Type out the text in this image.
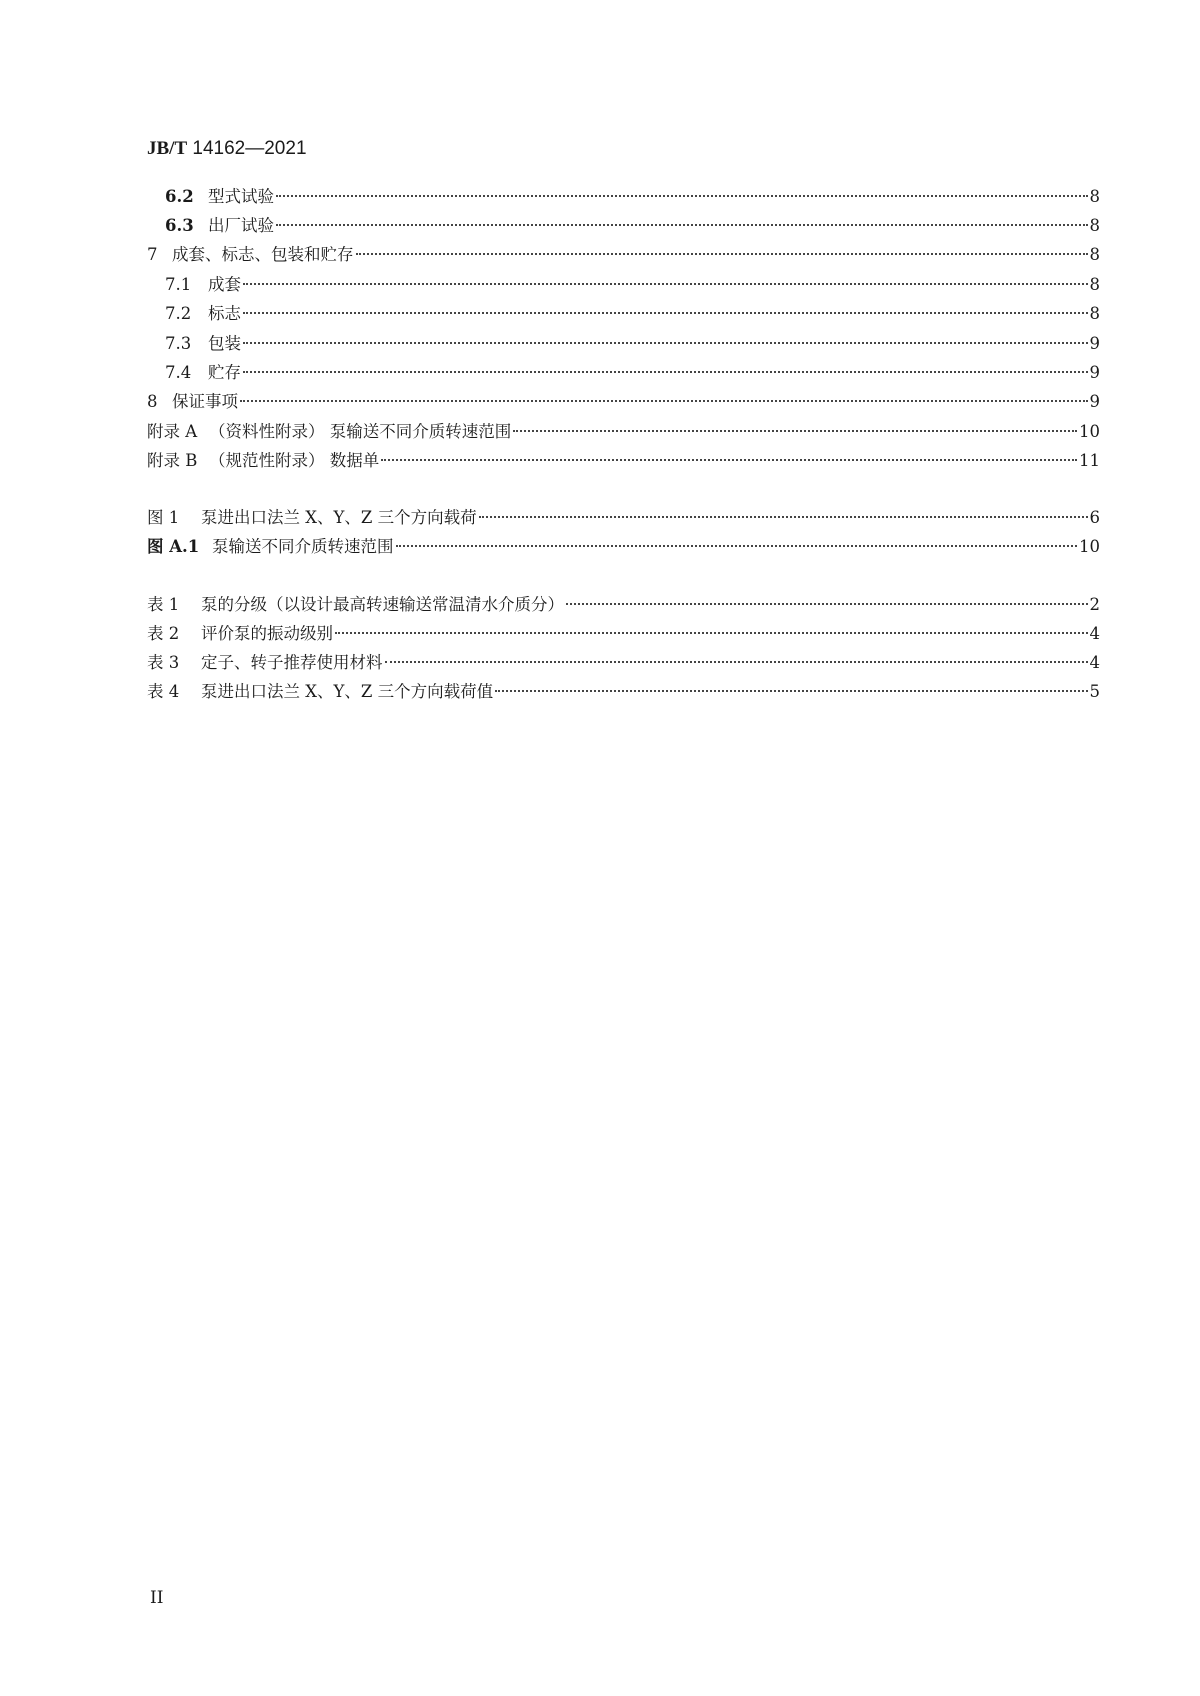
JB/T 14162—2021
6.2 型式试验	8
6.3 出厂试验	8
7 成套、标志、包装和贮存	8
7.1	成套	8
7.2	标志	8
7.3	包装	9
7.4	贮存	9
8 保证事项	9
附录 A （资料性附录） 泵输送不同介质转速范围	10
附录 B （规范性附录） 数据单	11
图 1	泵进出口法兰 X、Y、Z 三个方向载荷	6
图 A.1 泵输送不同介质转速范围	10
表 1	泵的分级（以设计最高转速输送常温清水介质分）	2
表 2	评价泵的振动级别	4
表 3	定子、转子推荐使用材料	4
表 4	泵进出口法兰 X、Y、Z 三个方向载荷值	5
II
